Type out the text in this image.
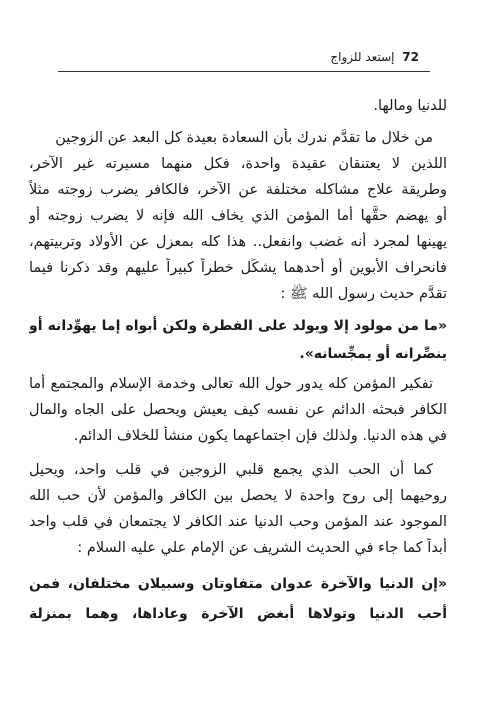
72 إستعد للزواج
للدنيا ومالها.
من خلال ما تقدَّم ندرك بأن السعادة بعيدة كل البعد عن الزوجين
اللذين لا يعتنقان عقيدة واحدة، فكل منهما مسيرته غير الآخر،
وطريقة علاج مشاكله مختلفة عن الآخر، فالكافر يضرب زوجته مثلاً
أو يهضم حقَّها أما المؤمن الذي يخاف الله فإنه لا يضرب زوجته أو
يهينها لمجرد أنه غضب وانفعل.. هذا كله بمعزل عن الأولاد وتربيتهم،
فانحراف الأبوين أو أحدهما يشكِّل خطراً كبيراً عليهم وقد ذكرنا فيما
تقدَّم حديث رسول الله ﷺ :
«ما من مولود إلا ويولد على الفطرة ولكن أبواه إما يهوِّدانه أو
ينصِّرانه أو يمجِّسانه».
تفكير المؤمن كله يدور حول الله تعالى وخدمة الإسلام والمجتمع أما
الكافر فبحثه الدائم عن نفسه كيف يعيش ويحصل على الجاه والمال
في هذه الدنيا. ولذلك فإن اجتماعهما يكون منشأ للخلاف الدائم.
كما أن الحب الذي يجمع قلبي الزوجين في قلب واحد، ويحيل
روحيهما إلى روح واحدة لا يحصل بين الكافر والمؤمن لأن حب الله
الموجود عند المؤمن وحب الدنيا عند الكافر لا يجتمعان في قلب واحد
أبداً كما جاء في الحديث الشريف عن الإمام علي عليه السلام :
«إن الدنيا والآخرة عدوان متفاوتان وسبيلان مختلفان، فمن
أحب الدنيا وتولاها أبغض الآخرة وعاداها، وهما بمنزلة
